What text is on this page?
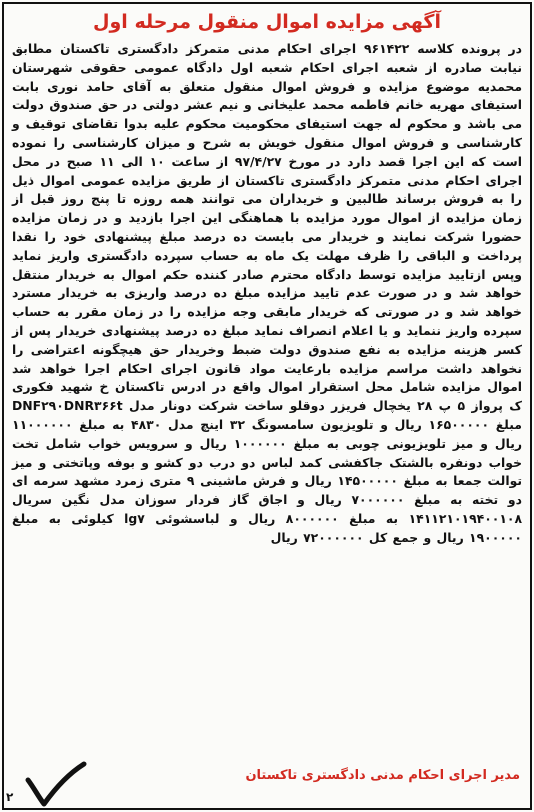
آگهی مزایده اموال منقول مرحله اول
در پرونده کلاسه ۹۶۱۴۲۲ اجرای احکام مدنی متمرکز دادگستری تاکستان مطابق نیابت صادره از شعبه اجرای احکام شعبه اول دادگاه عمومی حقوقی شهرستان محمدیه موضوع مزایده و فروش اموال منقول متعلق به آقای حامد نوری بابت استیفای مهریه خانم فاطمه محمد علیخانی و نیم عشر دولتی در حق صندوق دولت می باشد و محکوم له جهت استیفای محکومیت محکوم علیه بدوا تقاضای توقیف و کارشناسی و فروش اموال منقول خویش به شرح و میزان کارشناسی را نموده است که این اجرا قصد دارد در مورخ ۹۷/۴/۲۷ از ساعت ۱۰ الی ۱۱ صبح در محل اجرای احکام مدنی متمرکز دادگستری تاکستان از طریق مزایده عمومی اموال ذیل را به فروش برساند طالبین و خریداران می توانند همه روزه تا پنج روز قبل از زمان مزایده از اموال مورد مزایده با هماهنگی این اجرا بازدید و در زمان مزایده حضورا شرکت نمایند و خریدار می بایست ده درصد مبلغ پیشنهادی خود را نقدا پرداخت و الباقی را ظرف مهلت یک ماه به حساب سپرده دادگستری واریز نماید وپس ازتایید مزایده توسط دادگاه محترم صادر کننده حکم اموال به خریدار منتقل خواهد شد و در صورت عدم تایید مزایده مبلغ ده درصد واریزی به خریدار مسترد خواهد شد و در صورتی که خریدار مابقی وجه مزایده را در زمان مقرر به حساب سپرده واریز ننماید و یا اعلام انصراف نماید مبلغ ده درصد پیشنهادی خریدار پس از کسر هزینه مزایده به نفع صندوق دولت ضبط وخریدار حق هیچگونه اعتراضی را نخواهد داشت مراسم مزایده بارعایت مواد قانون اجرای احکام اجرا خواهد شد اموال مزایده شامل محل استقرار اموال واقع در ادرس تاکستان خ شهید فکوری ک پرواز ۵ پ ۲۸ یخچال فریزر دوقلو ساخت شرکت دونار مدل DNF۲۹۰DNR۳۶۶t مبلغ ۱۶۵۰۰۰۰۰ ریال و تلویزیون سامسونگ ۳۲ اینچ مدل ۴۸۳۰ به مبلغ ۱۱۰۰۰۰۰۰ ریال و میز تلویزیونی چوبی به مبلغ ۱۰۰۰۰۰۰ ریال و سرویس خواب شامل تخت خواب دونفره بالشتک جاکفشی کمد لباس دو درب دو کشو و بوفه وپاتختی و میز توالت جمعا به مبلغ ۱۴۵۰۰۰۰۰ ریال و فرش ماشینی ۹ متری زمرد مشهد سرمه ای دو تخته به مبلغ ۷۰۰۰۰۰۰ ریال و اجاق گاز فردار سوزان مدل نگین سریال ۱۴۱۱۲۱۰۱۹۴۰۰۱۰۸ به مبلغ ۸۰۰۰۰۰۰ ریال و لباسشوئی lg۷ کیلوئی به مبلغ ۱۹۰۰۰۰۰ ریال و جمع کل ۷۲۰۰۰۰۰۰ ریال
۲
مدیر اجرای احکام مدنی دادگستری تاکستان
